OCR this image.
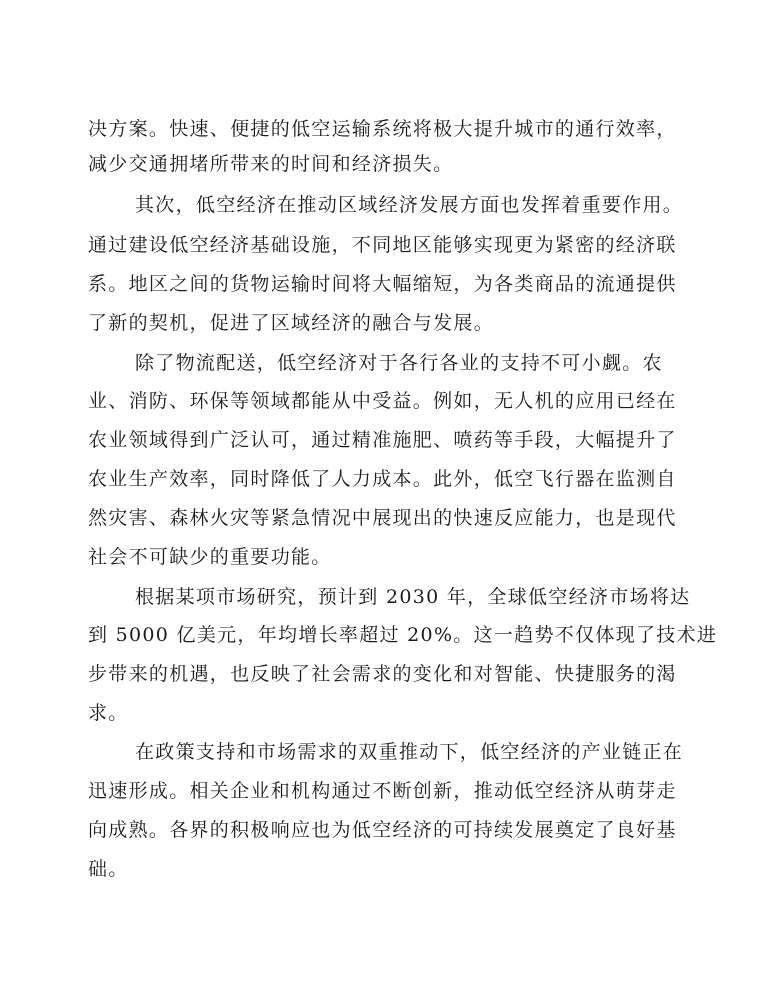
决方案。快速、便捷的低空运输系统将极大提升城市的通行效率，
减少交通拥堵所带来的时间和经济损失。
其次，低空经济在推动区域经济发展方面也发挥着重要作用。
通过建设低空经济基础设施，不同地区能够实现更为紧密的经济联
系。地区之间的货物运输时间将大幅缩短，为各类商品的流通提供
了新的契机，促进了区域经济的融合与发展。
除了物流配送，低空经济对于各行各业的支持不可小觑。农
业、消防、环保等领域都能从中受益。例如，无人机的应用已经在
农业领域得到广泛认可，通过精准施肥、喷药等手段，大幅提升了
农业生产效率，同时降低了人力成本。此外，低空飞行器在监测自
然灾害、森林火灾等紧急情况中展现出的快速反应能力，也是现代
社会不可缺少的重要功能。
根据某项市场研究，预计到 2030 年，全球低空经济市场将达
到 5000 亿美元，年均增长率超过 20%。这一趋势不仅体现了技术进
步带来的机遇，也反映了社会需求的变化和对智能、快捷服务的渴
求。
在政策支持和市场需求的双重推动下，低空经济的产业链正在
迅速形成。相关企业和机构通过不断创新，推动低空经济从萌芽走
向成熟。各界的积极响应也为低空经济的可持续发展奠定了良好基
础。
